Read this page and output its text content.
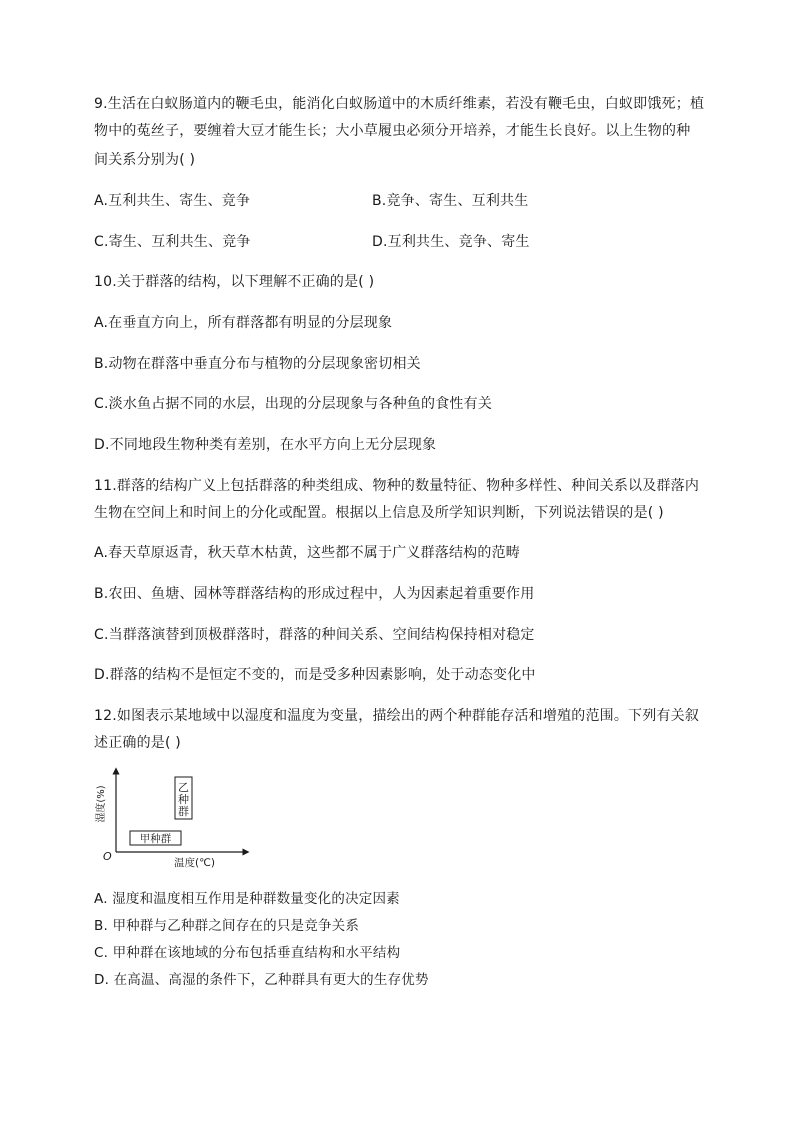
9.生活在白蚁肠道内的鞭毛虫，能消化白蚁肠道中的木质纤维素，若没有鞭毛虫，白蚁即饿死；植
物中的菟丝子，要缠着大豆才能生长；大小草履虫必须分开培养，才能生长良好。以上生物的种
间关系分别为( )
A.互利共生、寄生、竞争	B.竞争、寄生、互利共生
C.寄生、互利共生、竞争	D.互利共生、竞争、寄生
10.关于群落的结构，以下理解不正确的是( )
A.在垂直方向上，所有群落都有明显的分层现象
B.动物在群落中垂直分布与植物的分层现象密切相关
C.淡水鱼占据不同的水层，出现的分层现象与各种鱼的食性有关
D.不同地段生物种类有差别，在水平方向上无分层现象
11.群落的结构广义上包括群落的种类组成、物种的数量特征、物种多样性、种间关系以及群落内
生物在空间上和时间上的分化或配置。根据以上信息及所学知识判断，下列说法错误的是( )
A.春天草原返青，秋天草木枯黄，这些都不属于广义群落结构的范畴
B.农田、鱼塘、园林等群落结构的形成过程中，人为因素起着重要作用
C.当群落演替到顶极群落时，群落的种间关系、空间结构保持相对稳定
D.群落的结构不是恒定不变的，而是受多种因素影响，处于动态变化中
12.如图表示某地域中以湿度和温度为变量，描绘出的两个种群能存活和增殖的范围。下列有关叙
述正确的是( )
湿度(%)
O	温度(℃)
乙
种
群
甲种群
A. 湿度和温度相互作用是种群数量变化的决定因素
B. 甲种群与乙种群之间存在的只是竞争关系
C. 甲种群在该地域的分布包括垂直结构和水平结构
D. 在高温、高湿的条件下，乙种群具有更大的生存优势
